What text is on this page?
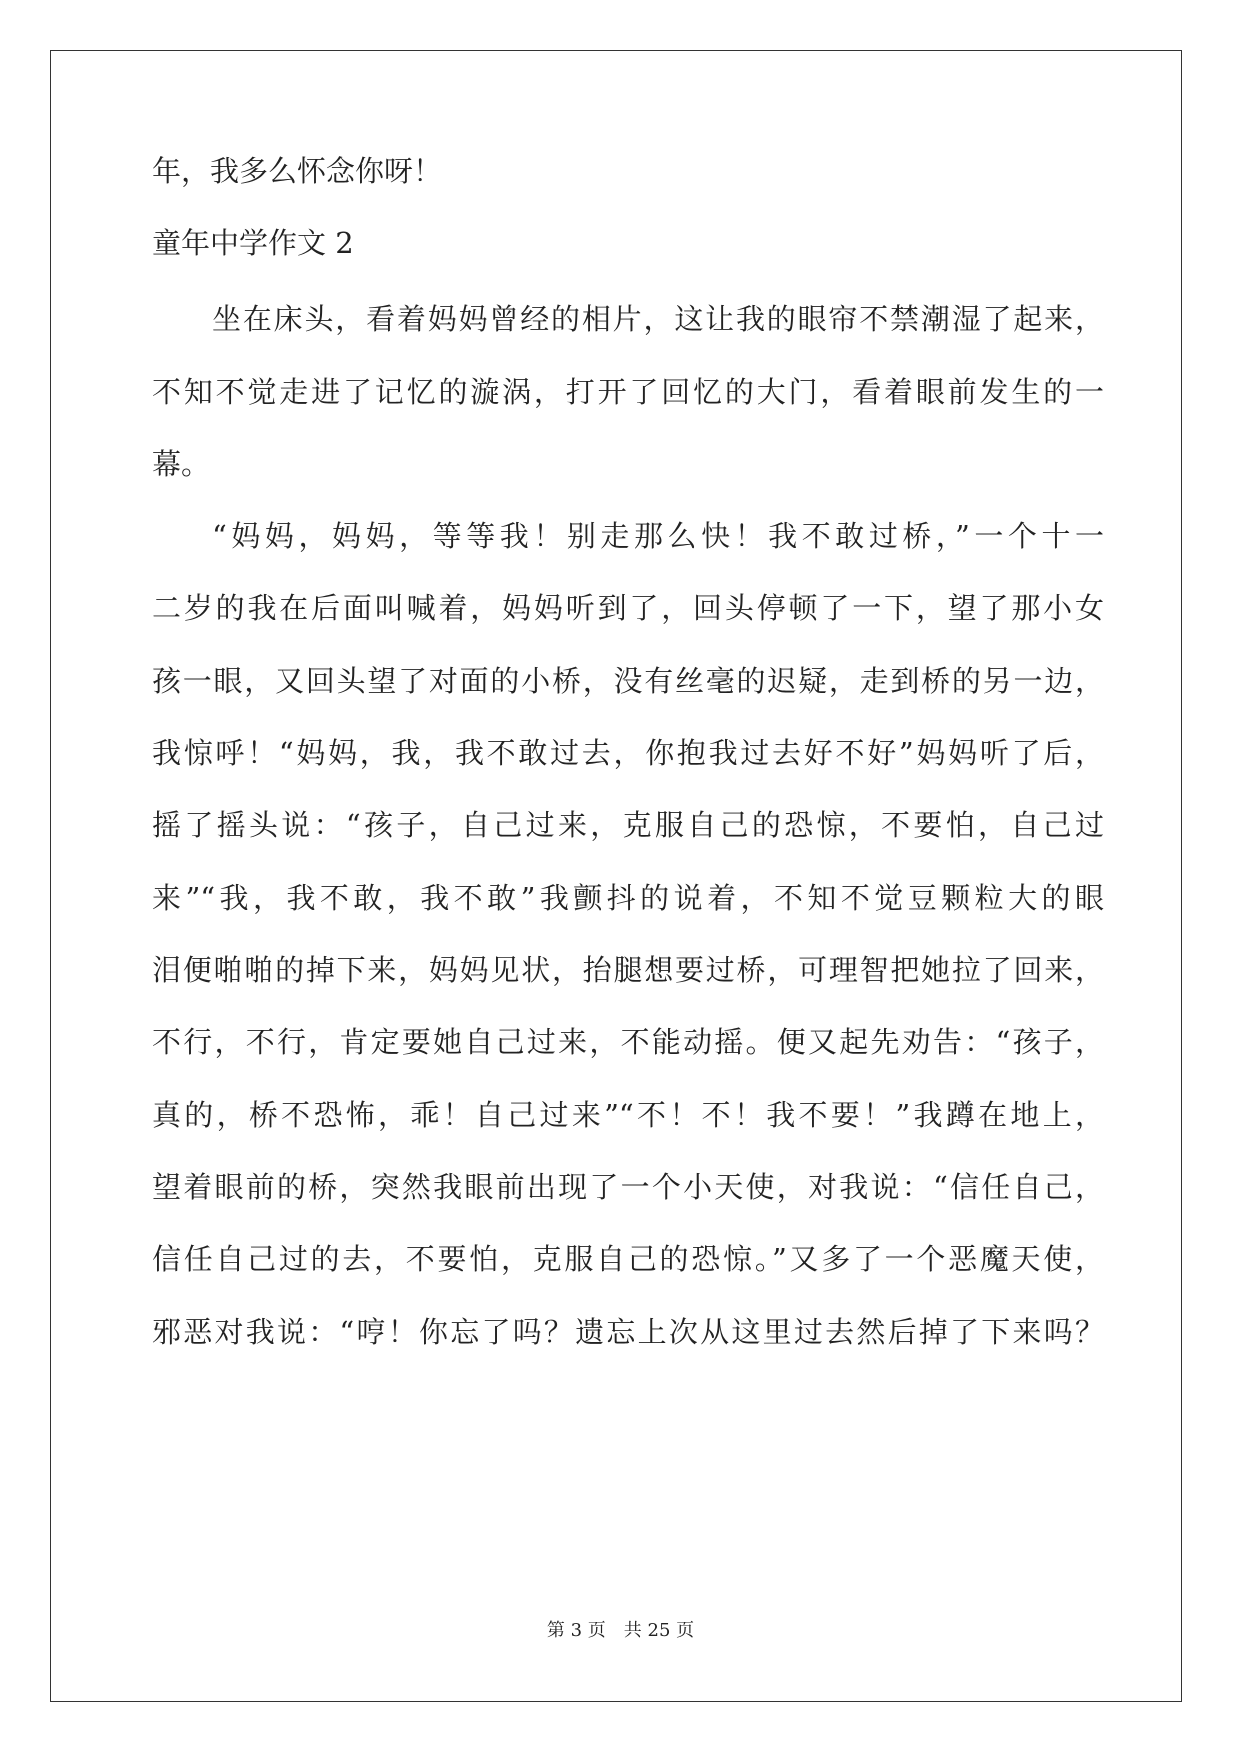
年，我多么怀念你呀！

童年中学作文 2

坐在床头，看着妈妈曾经的相片，这让我的眼帘不禁潮湿了起来，

不知不觉走进了记忆的漩涡，打开了回忆的大门，看着眼前发生的一

幕。

“妈妈，妈妈，等等我！别走那么快！我不敢过桥，”一个十一

二岁的我在后面叫喊着，妈妈听到了，回头停顿了一下，望了那小女

孩一眼，又回头望了对面的小桥，没有丝毫的迟疑，走到桥的另一边，

我惊呼！“妈妈，我，我不敢过去，你抱我过去好不好”妈妈听了后，

摇了摇头说：“孩子，自己过来，克服自己的恐惊，不要怕，自己过

来”“我，我不敢，我不敢”我颤抖的说着，不知不觉豆颗粒大的眼

泪便啪啪的掉下来，妈妈见状，抬腿想要过桥，可理智把她拉了回来，

不行，不行，肯定要她自己过来，不能动摇。便又起先劝告：“孩子，

真的，桥不恐怖，乖！自己过来”“不！不！我不要！”我蹲在地上，

望着眼前的桥，突然我眼前出现了一个小天使，对我说：“信任自己，

信任自己过的去，不要怕，克服自己的恐惊。”又多了一个恶魔天使，

邪恶对我说：“哼！你忘了吗？遗忘上次从这里过去然后掉了下来吗？

第 3 页　共 25 页
